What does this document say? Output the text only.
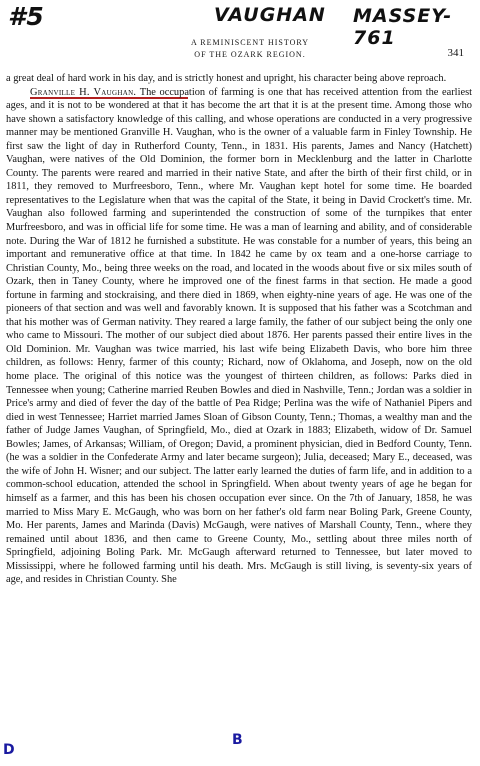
#5	VAUGHAN MASSEY-761
A REMINISCENT HISTORY
OF THE OZARK REGION.	341

a great deal of hard work in his day, and is strictly honest and upright, his character being above reproach.

Granville H. Vaughan. The occupation of farming is one that has received attention from the earliest ages, and it is not to be wondered at that it has become the art that it is at the present time. Among those who have shown a satisfactory knowledge of this calling, and whose operations are conducted in a very progressive manner may be mentioned Granville H. Vaughan, who is the owner of a valuable farm in Finley Township. He first saw the light of day in Rutherford County, Tenn., in 1831. His parents, James and Nancy (Hatchett) Vaughan, were natives of the Old Dominion, the former born in Mecklenburg and the latter in Charlotte County. The parents were reared and married in their native State, and after the birth of their first child, or in 1811, they removed to Murfreesboro, Tenn., where Mr. Vaughan kept hotel for some time. He boarded representatives to the Legislature when that was the capital of the State, it being in David Crockett's time. Mr. Vaughan also followed farming and superintended the construction of some of the turnpikes that enter Murfreesboro, and was in official life for some time. He was a man of learning and ability, and of considerable note. During the War of 1812 he furnished a substitute. He was constable for a number of years, this being an important and remunerative office at that time. In 1842 he came by ox team and a one-horse carriage to Christian County, Mo., being three weeks on the road, and located in the woods about five or six miles south of Ozark, then in Taney County, where he improved one of the finest farms in that section. He made a good fortune in farming and stockraising, and there died in 1869, when eighty-nine years of age. He was one of the pioneers of that section and was well and favorably known. It is supposed that his father was a Scotchman and that his mother was of German nativity. They reared a large family, the father of our subject being the only one who came to Missouri. The mother of our subject died about 1876. Her parents passed their entire lives in the Old Dominion. Mr. Vaughan was twice married, his last wife being Elizabeth Davis, who bore him three children, as follows: Henry, farmer of this county; Richard, now of Oklahoma, and Joseph, now on the old home place. The original of this notice was the youngest of thirteen children, as follows: Parks died in Tennessee when young; Catherine married Reuben Bowles and died in Nashville, Tenn.; Jordan was a soldier in Price's army and died of fever the day of the battle of Pea Ridge; Perlina was the wife of Nathaniel Pipers and died in west Tennessee; Harriet married James Sloan of Gibson County, Tenn.; Thomas, a wealthy man and the father of Judge James Vaughan, of Springfield, Mo., died at Ozark in 1883; Elizabeth, widow of Dr. Samuel Bowles; James, of Arkansas; William, of Oregon; David, a prominent physician, died in Bedford County, Tenn. (he was a soldier in the Confederate Army and later became surgeon); Julia, deceased; Mary E., deceased, was the wife of John H. Wisner; and our subject. The latter early learned the duties of farm life, and in addition to a common-school education, attended the school in Springfield. When about twenty years of age he began for himself as a farmer, and this has been his chosen occupation ever since. On the 7th of January, 1858, he was married to Miss Mary E. McGaugh, who was born on her father's old farm near Boling Park, Greene County, Mo. Her parents, James and Marinda (Davis) McGaugh, were natives of Marshall County, Tenn., where they remained until about 1836, and then came to Greene County, Mo., settling about three miles north of Springfield, adjoining Boling Park. Mr. McGaugh afterward returned to Tennessee, but later moved to Mississippi, where he followed farming until his death. Mrs. McGaugh is still living, is seventy-six years of age, and resides in Christian County. She

B
D
